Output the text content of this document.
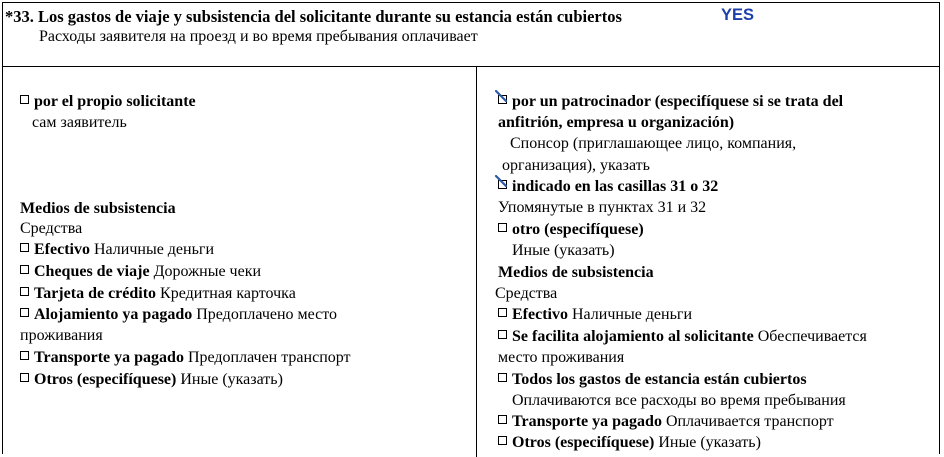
*33. Los gastos de viaje y subsistencia del solicitante durante su estancia están cubiertos	YES
Расходы заявителя на проезд и во время пребывания оплачивает
por el propio solicitante
сам заявитель
Medios de subsistencia
Средства
Efectivo Наличные деньги
Cheques de viaje Дорожные чеки
Tarjeta de crédito Кредитная карточка
Alojamiento ya pagado Предоплачено место
проживания
Transporte ya pagado Предоплачен транспорт
Otros (especifíquese) Иные (указать)
por un patrocinador (especifíquese si se trata del
anfitrión, empresa u organización)
Спонсор (приглашающее лицо, компания,
организация), указать
indicado en las casillas 31 o 32
Упомянутые в пунктах 31 и 32
otro (especifíquese)
Иные (указать)
Medios de subsistencia
Средства
Efectivo Наличные деньги
Se facilita alojamiento al solicitante Обеспечивается
место проживания
Todos los gastos de estancia están cubiertos
Оплачиваются все расходы во время пребывания
Transporte ya pagado Оплачивается транспорт
Otros (especifíquese) Иные (указать)
